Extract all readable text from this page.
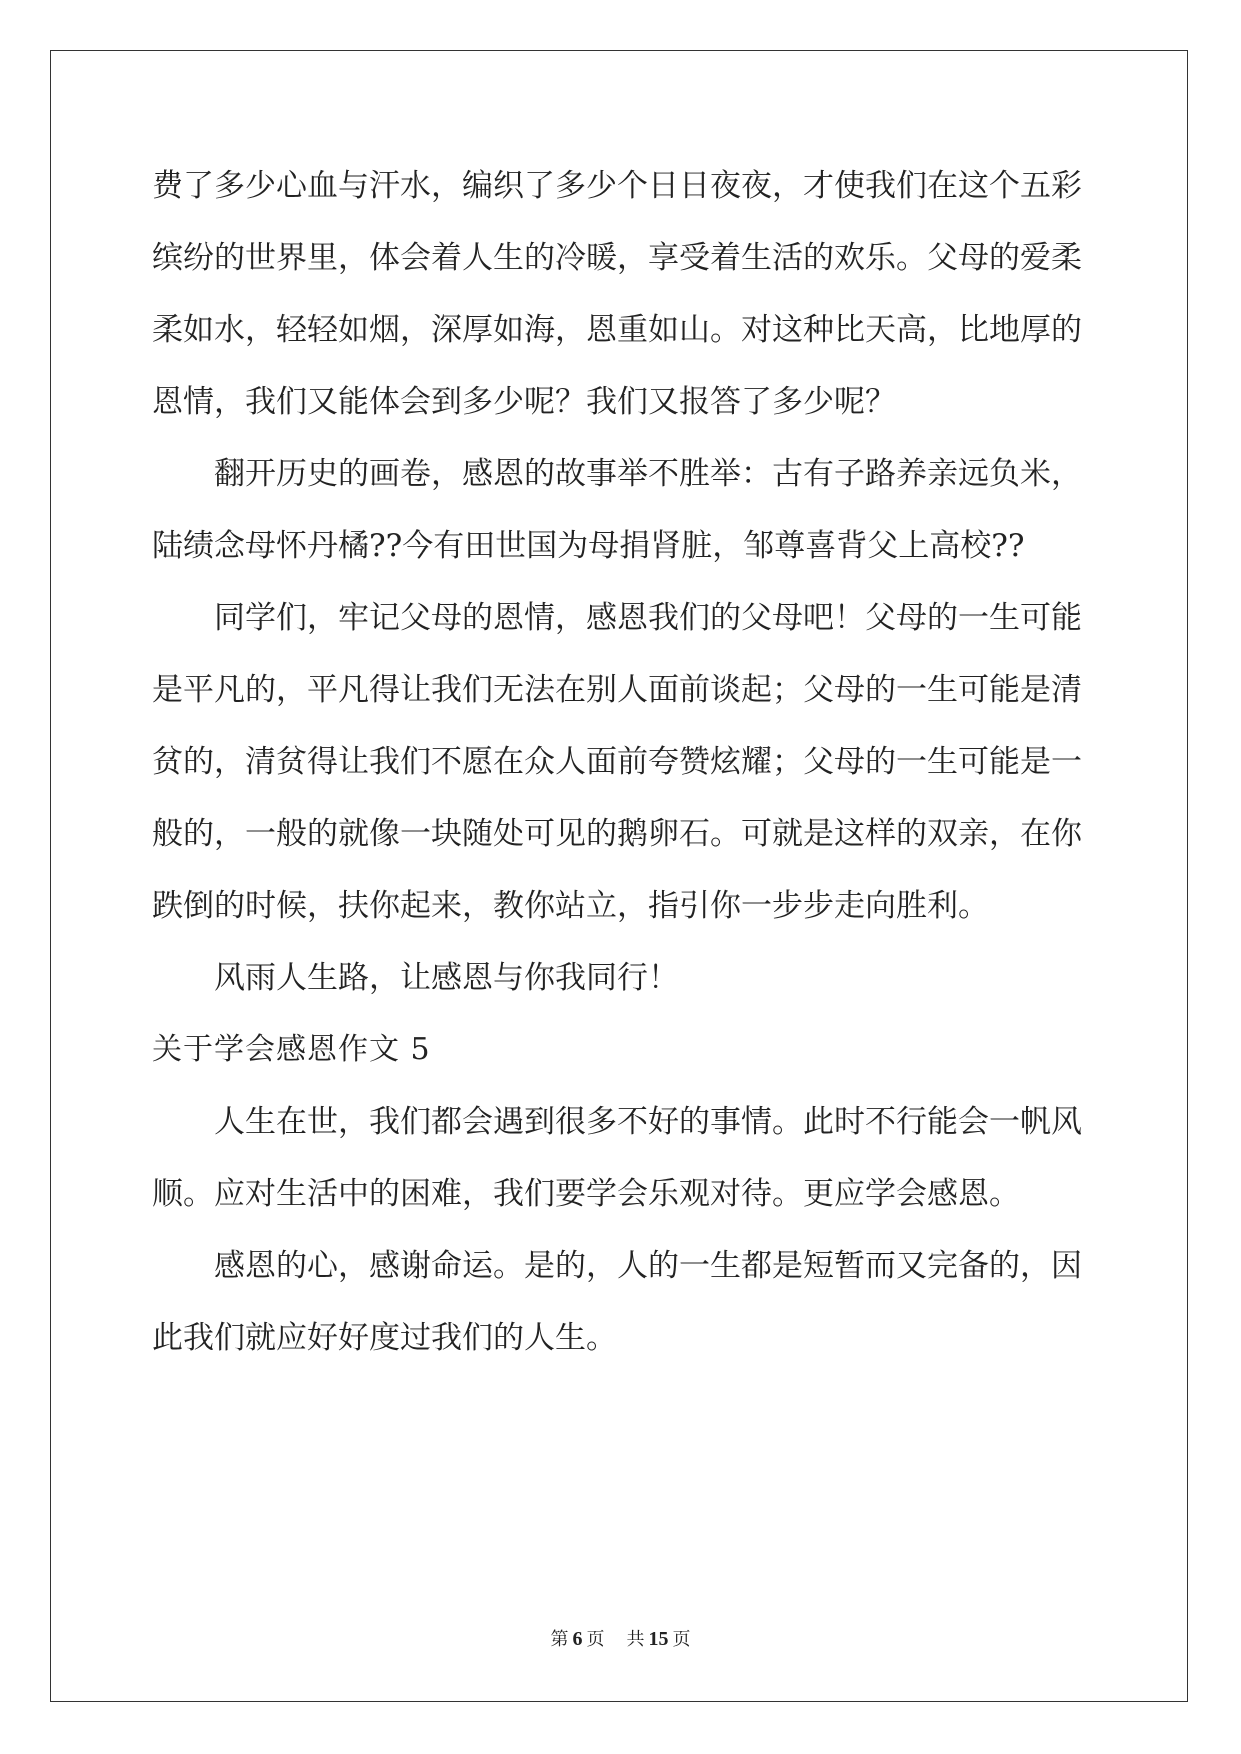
费了多少心血与汗水，编织了多少个日日夜夜，才使我们在这个五彩
缤纷的世界里，体会着人生的冷暖，享受着生活的欢乐。父母的爱柔
柔如水，轻轻如烟，深厚如海，恩重如山。对这种比天高，比地厚的
恩情，我们又能体会到多少呢？我们又报答了多少呢？
翻开历史的画卷，感恩的故事举不胜举：古有子路养亲远负米，
陆绩念母怀丹橘??今有田世国为母捐肾脏，邹尊喜背父上高校??
同学们，牢记父母的恩情，感恩我们的父母吧！父母的一生可能
是平凡的，平凡得让我们无法在别人面前谈起；父母的一生可能是清
贫的，清贫得让我们不愿在众人面前夸赞炫耀；父母的一生可能是一
般的，一般的就像一块随处可见的鹅卵石。可就是这样的双亲，在你
跌倒的时候，扶你起来，教你站立，指引你一步步走向胜利。
风雨人生路，让感恩与你我同行！
关于学会感恩作文 5
人生在世，我们都会遇到很多不好的事情。此时不行能会一帆风
顺。应对生活中的困难，我们要学会乐观对待。更应学会感恩。
感恩的心，感谢命运。是的，人的一生都是短暂而又完备的，因
此我们就应好好度过我们的人生。
第 6 页 共 15 页
